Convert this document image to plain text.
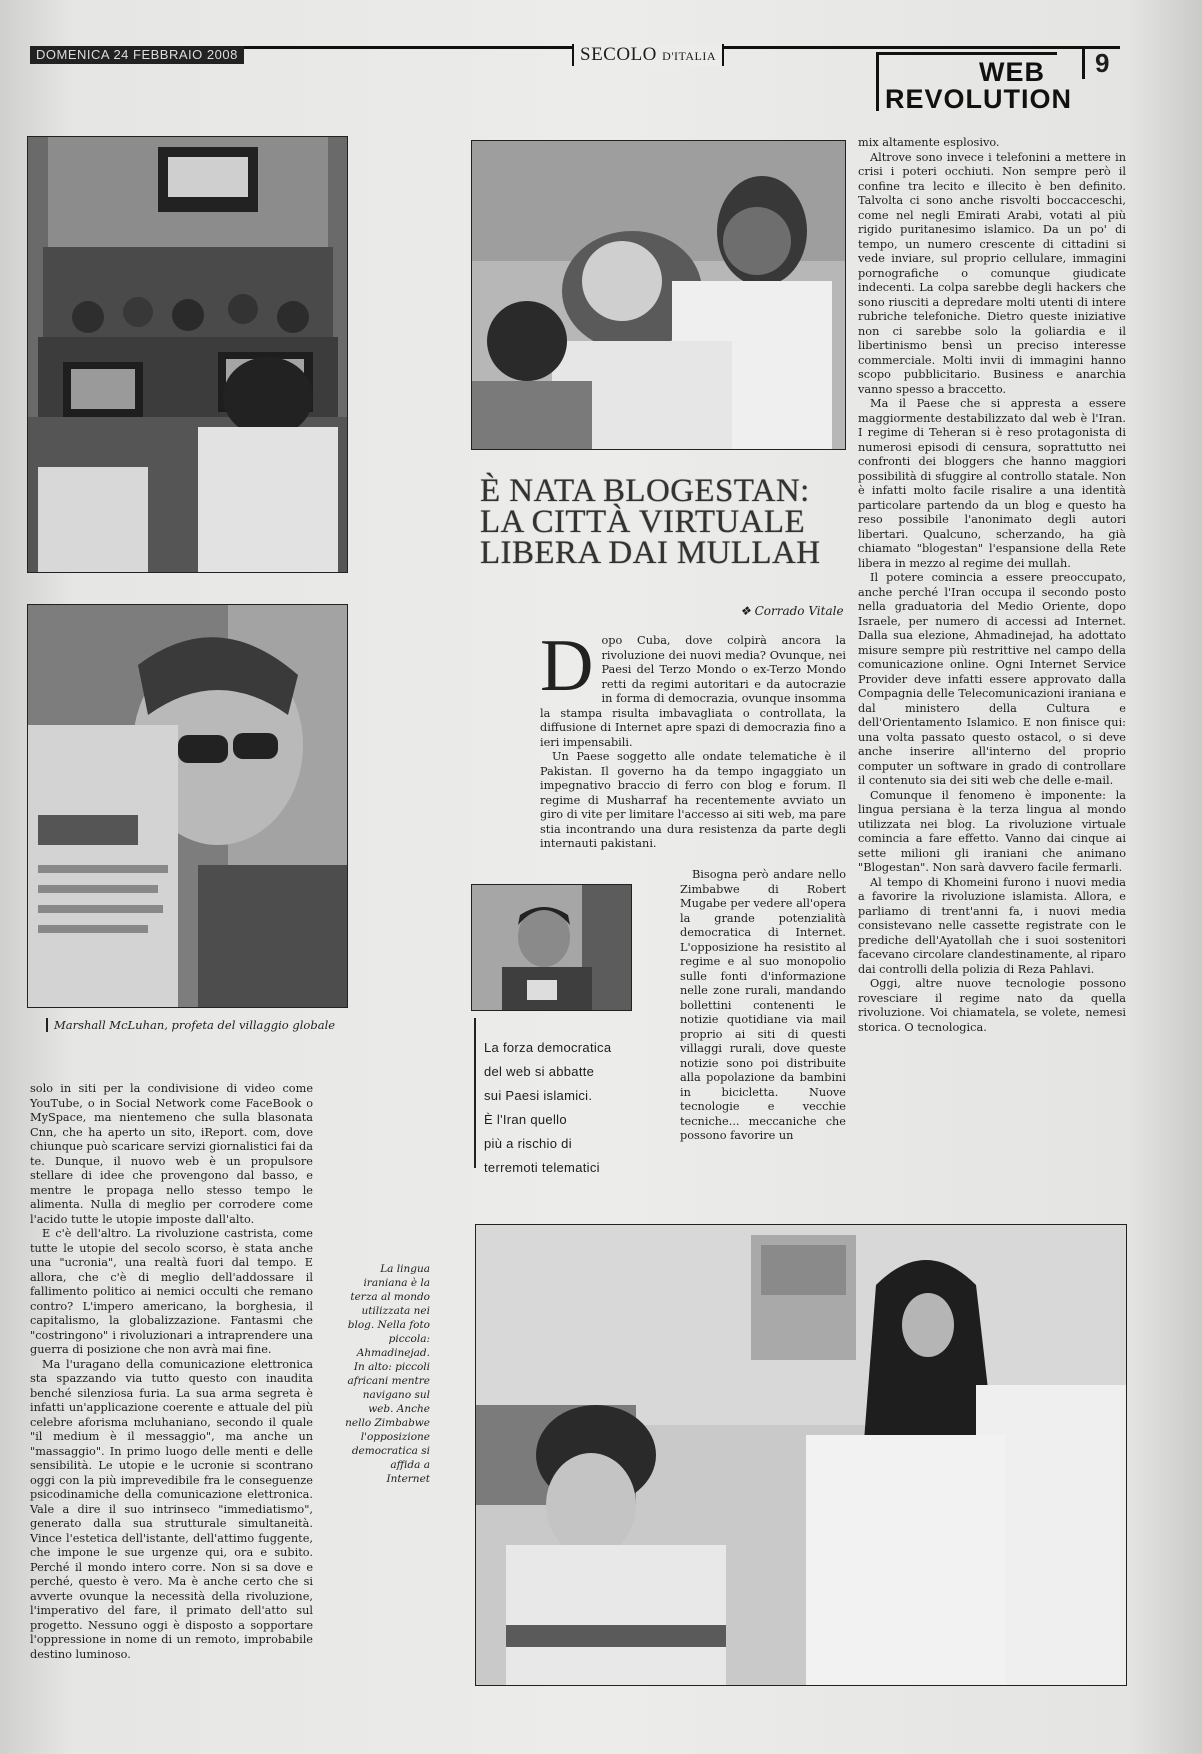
DOMENICA 24 FEBBRAIO 2008	SECOLO D'ITALIA
WEB
REVOLUTION
9
Marshall McLuhan, profeta del villaggio globale

solo in siti per la condivisione di video come YouTube, o in Social Network come FaceBook o MySpace, ma nientemeno che sulla blasonata Cnn, che ha aperto un sito, iReport. com, dove chiunque può scaricare servizi giornalistici fai da te. Dunque, il nuovo web è un propulsore stellare di idee che provengono dal basso, e mentre le propaga nello stesso tempo le alimenta. Nulla di meglio per corrodere come l'acido tutte le utopie imposte dall'alto.

E c'è dell'altro. La rivoluzione castrista, come tutte le utopie del secolo scorso, è stata anche una "ucronia", una realtà fuori dal tempo. E allora, che c'è di meglio dell'addossare il fallimento politico ai nemici occulti che remano contro? L'impero americano, la borghesia, il capitalismo, la globalizzazione. Fantasmi che "costringono" i rivoluzionari a intraprendere una guerra di posizione che non avrà mai fine.

Ma l'uragano della comunicazione elettronica sta spazzando via tutto questo con inaudita benché silenziosa furia. La sua arma segreta è infatti un'applicazione coerente e attuale del più celebre aforisma mcluhaniano, secondo il quale "il medium è il messaggio", ma anche un "massaggio". In primo luogo delle menti e delle sensibilità. Le utopie e le ucronie si scontrano oggi con la più imprevedibile fra le conseguenze psicodinamiche della comunicazione elettronica. Vale a dire il suo intrinseco "immediatismo", generato dalla sua strutturale simultaneità. Vince l'estetica dell'istante, dell'attimo fuggente, che impone le sue urgenze qui, ora e subito. Perché il mondo intero corre. Non si sa dove e perché, questo è vero. Ma è anche certo che si avverte ovunque la necessità della rivoluzione, l'imperativo del fare, il primato dell'atto sul progetto. Nessuno oggi è disposto a sopportare l'oppressione in nome di un remoto, improbabile destino luminoso.

È NATA BLOGESTAN:
LA CITTÀ VIRTUALE
LIBERA DAI MULLAH
❖ Corrado Vitale

Dopo Cuba, dove colpirà ancora la rivoluzione dei nuovi media? Ovunque, nei Paesi del Terzo Mondo o ex-Terzo Mondo retti da regimi autoritari e da autocrazie in forma di democrazia, ovunque insomma la stampa risulta imbavagliata o controllata, la diffusione di Internet apre spazi di democrazia fino a ieri impensabili.

Un Paese soggetto alle ondate telematiche è il Pakistan. Il governo ha da tempo ingaggiato un impegnativo braccio di ferro con blog e forum. Il regime di Musharraf ha recentemente avviato un giro di vite per limitare l'accesso ai siti web, ma pare stia incontrando una dura resistenza da parte degli internauti pakistani.

La forza democratica
del web si abbatte
sui Paesi islamici.
È l'Iran quello
più a rischio di
terremoti telematici

Bisogna però andare nello Zimbabwe di Robert Mugabe per vedere all'opera la grande potenzialità democratica di Internet. L'opposizione ha resistito al regime e al suo monopolio sulle fonti d'informazione nelle zone rurali, mandando bollettini contenenti le notizie quotidiane via mail proprio ai siti di questi villaggi rurali, dove queste notizie sono poi distribuite alla popolazione da bambini in bicicletta. Nuove tecnologie e vecchie tecniche... meccaniche che possono favorire un

mix altamente esplosivo.

Altrove sono invece i telefonini a mettere in crisi i poteri occhiuti. Non sempre però il confine tra lecito e illecito è ben definito. Talvolta ci sono anche risvolti boccacceschi, come nel negli Emirati Arabi, votati al più rigido puritanesimo islamico. Da un po' di tempo, un numero crescente di cittadini si vede inviare, sul proprio cellulare, immagini pornografiche o comunque giudicate indecenti. La colpa sarebbe degli hackers che sono riusciti a depredare molti utenti di intere rubriche telefoniche. Dietro queste iniziative non ci sarebbe solo la goliardia e il libertinismo bensì un preciso interesse commerciale. Molti invii di immagini hanno scopo pubblicitario. Business e anarchia vanno spesso a braccetto.

Ma il Paese che si appresta a essere maggiormente destabilizzato dal web è l'Iran. I regime di Teheran si è reso protagonista di numerosi episodi di censura, soprattutto nei confronti dei bloggers che hanno maggiori possibilità di sfuggire al controllo statale. Non è infatti molto facile risalire a una identità particolare partendo da un blog e questo ha reso possibile l'anonimato degli autori libertari. Qualcuno, scherzando, ha già chiamato "blogestan" l'espansione della Rete libera in mezzo al regime dei mullah.

Il potere comincia a essere preoccupato, anche perché l'Iran occupa il secondo posto nella graduatoria del Medio Oriente, dopo Israele, per numero di accessi ad Internet. Dalla sua elezione, Ahmadinejad, ha adottato misure sempre più restrittive nel campo della comunicazione online. Ogni Internet Service Provider deve infatti essere approvato dalla Compagnia delle Telecomunicazioni iraniana e dal ministero della Cultura e dell'Orientamento Islamico. E non finisce qui: una volta passato questo ostacol, o si deve anche inserire all'interno del proprio computer un software in grado di controllare il contenuto sia dei siti web che delle e-mail.

Comunque il fenomeno è imponente: la lingua persiana è la terza lingua al mondo utilizzata nei blog. La rivoluzione virtuale comincia a fare effetto. Vanno dai cinque ai sette milioni gli iraniani che animano "Blogestan". Non sarà davvero facile fermarli.

Al tempo di Khomeini furono i nuovi media a favorire la rivoluzione islamista. Allora, e parliamo di trent'anni fa, i nuovi media consistevano nelle cassette registrate con le prediche dell'Ayatollah che i suoi sostenitori facevano circolare clandestinamente, al riparo dai controlli della polizia di Reza Pahlavi.

Oggi, altre nuove tecnologie possono rovesciare il regime nato da quella rivoluzione. Voi chiamatela, se volete, nemesi storica. O tecnologica.

La lingua iraniana è la terza al mondo utilizzata nei blog. Nella foto piccola: Ahmadinejad. In alto: piccoli africani mentre navigano sul web. Anche nello Zimbabwe l'opposizione democratica si affida a Internet
